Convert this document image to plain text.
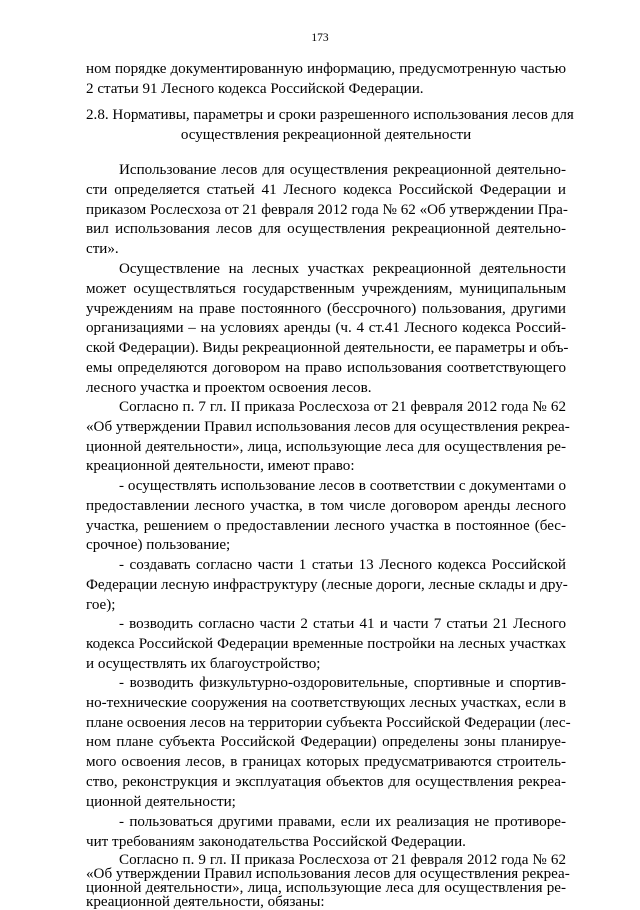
173
ном порядке документированную информацию, предусмотренную частью
2 статьи 91 Лесного кодекса Российской Федерации.
2.8. Нормативы, параметры и сроки разрешенного использования лесов для
осуществления рекреационной деятельности
Использование лесов для осуществления рекреационной деятельно-
сти определяется статьей 41 Лесного кодекса Российской Федерации и
приказом Рослесхоза от 21 февраля 2012 года № 62 «Об утверждении Пра-
вил использования лесов для осуществления рекреационной деятельно-
сти».
Осуществление на лесных участках рекреационной деятельности
может осуществляться государственным учреждениям, муниципальным
учреждениям на праве постоянного (бессрочного) пользования, другими
организациями – на условиях аренды (ч. 4 ст.41 Лесного кодекса Россий-
ской Федерации). Виды рекреационной деятельности, ее параметры и объ-
емы определяются договором на право использования соответствующего
лесного участка и проектом освоения лесов.
Согласно п. 7 гл. II приказа Рослесхоза от 21 февраля 2012 года № 62
«Об утверждении Правил использования лесов для осуществления рекреа-
ционной деятельности», лица, использующие леса для осуществления ре-
креационной деятельности, имеют право:
- осуществлять использование лесов в соответствии с документами о
предоставлении лесного участка, в том числе договором аренды лесного
участка, решением о предоставлении лесного участка в постоянное (бес-
срочное) пользование;
- создавать согласно части 1 статьи 13 Лесного кодекса Российской
Федерации лесную инфраструктуру (лесные дороги, лесные склады и дру-
гое);
- возводить согласно части 2 статьи 41 и части 7 статьи 21 Лесного
кодекса Российской Федерации временные постройки на лесных участках
и осуществлять их благоустройство;
- возводить физкультурно-оздоровительные, спортивные и спортив-
но-технические сооружения на соответствующих лесных участках, если в
плане освоения лесов на территории субъекта Российской Федерации (лес-
ном плане субъекта Российской Федерации) определены зоны планируе-
мого освоения лесов, в границах которых предусматриваются строитель-
ство, реконструкция и эксплуатация объектов для осуществления рекреа-
ционной деятельности;
- пользоваться другими правами, если их реализация не противоре-
чит требованиям законодательства Российской Федерации.
Согласно п. 9 гл. II приказа Рослесхоза от 21 февраля 2012 года № 62
«Об утверждении Правил использования лесов для осуществления рекреа-
ционной деятельности», лица, использующие леса для осуществления ре-
креационной деятельности, обязаны:
